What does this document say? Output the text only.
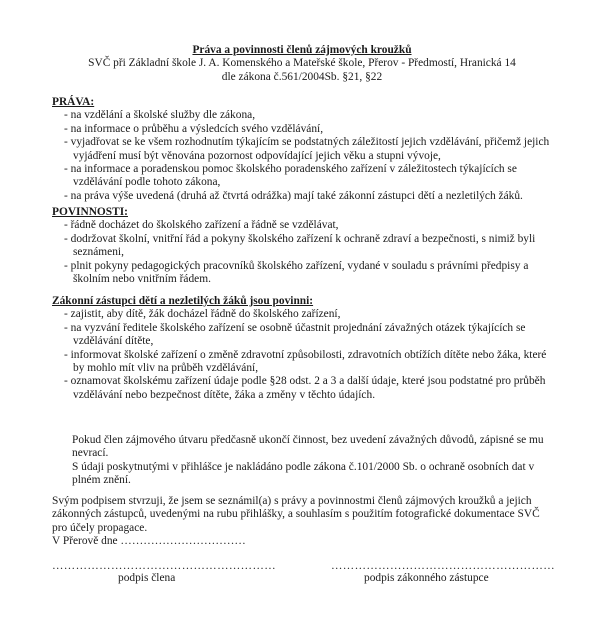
Práva a povinnosti členů zájmových kroužků
SVČ při Základní škole J. A. Komenského a Mateřské škole, Přerov - Předmostí, Hranická 14
dle zákona č.561/2004Sb. §21, §22
PRÁVA:
- na vzdělání a školské služby dle zákona,
- na informace o průběhu a výsledcích svého vzdělávání,
- vyjadřovat se ke všem rozhodnutím týkajícím se podstatných záležitostí jejich vzdělávání, přičemž jejich vyjádření musí být věnována pozornost odpovídající jejich věku a stupni vývoje,
- na informace a poradenskou pomoc školského poradenského zařízení v záležitostech týkajících se vzdělávání podle tohoto zákona,
- na práva výše uvedená (druhá až čtvrtá odrážka) mají také zákonní zástupci dětí a nezletilých žáků.
POVINNOSTI:
- řádně docházet do školského zařízení a řádně se vzdělávat,
- dodržovat školní, vnitřní řád a pokyny školského zařízení k ochraně zdraví a bezpečnosti, s nimiž byli seznámeni,
- plnit pokyny pedagogických pracovníků školského zařízení, vydané v souladu s právními předpisy a školním nebo vnitřním řádem.
Zákonní zástupci dětí a nezletilých žáků jsou povinni:
- zajistit, aby dítě, žák docházel řádně do školského zařízení,
- na vyzvání ředitele školského zařízení se osobně účastnit projednání závažných otázek týkajících se vzdělávání dítěte,
- informovat školské zařízení o změně zdravotní způsobilosti, zdravotních obtížích dítěte nebo žáka, které by mohlo mít vliv na průběh vzdělávání,
- oznamovat školskému zařízení údaje podle §28 odst. 2 a 3 a další údaje, které jsou podstatné pro průběh vzdělávání nebo bezpečnost dítěte, žáka a změny v těchto údajích.

Pokud člen zájmového útvaru předčasně ukončí činnost, bez uvedení závažných důvodů, zápisné se mu nevrací.

S údaji poskytnutými v přihlášce je nakládáno podle zákona č.101/2000 Sb. o ochraně osobních dat v plném znění.

Svým podpisem stvrzuji, že jsem se seznámil(a) s právy a povinnostmi členů zájmových kroužků a jejich zákonných zástupců, uvedenými na rubu přihlášky, a souhlasím s použitím fotografické dokumentace SVČ pro účely propagace.
V Přerově dne ……………………………
…………………………………………………
podpis člena
…………………………………………………
podpis zákonného zástupce
